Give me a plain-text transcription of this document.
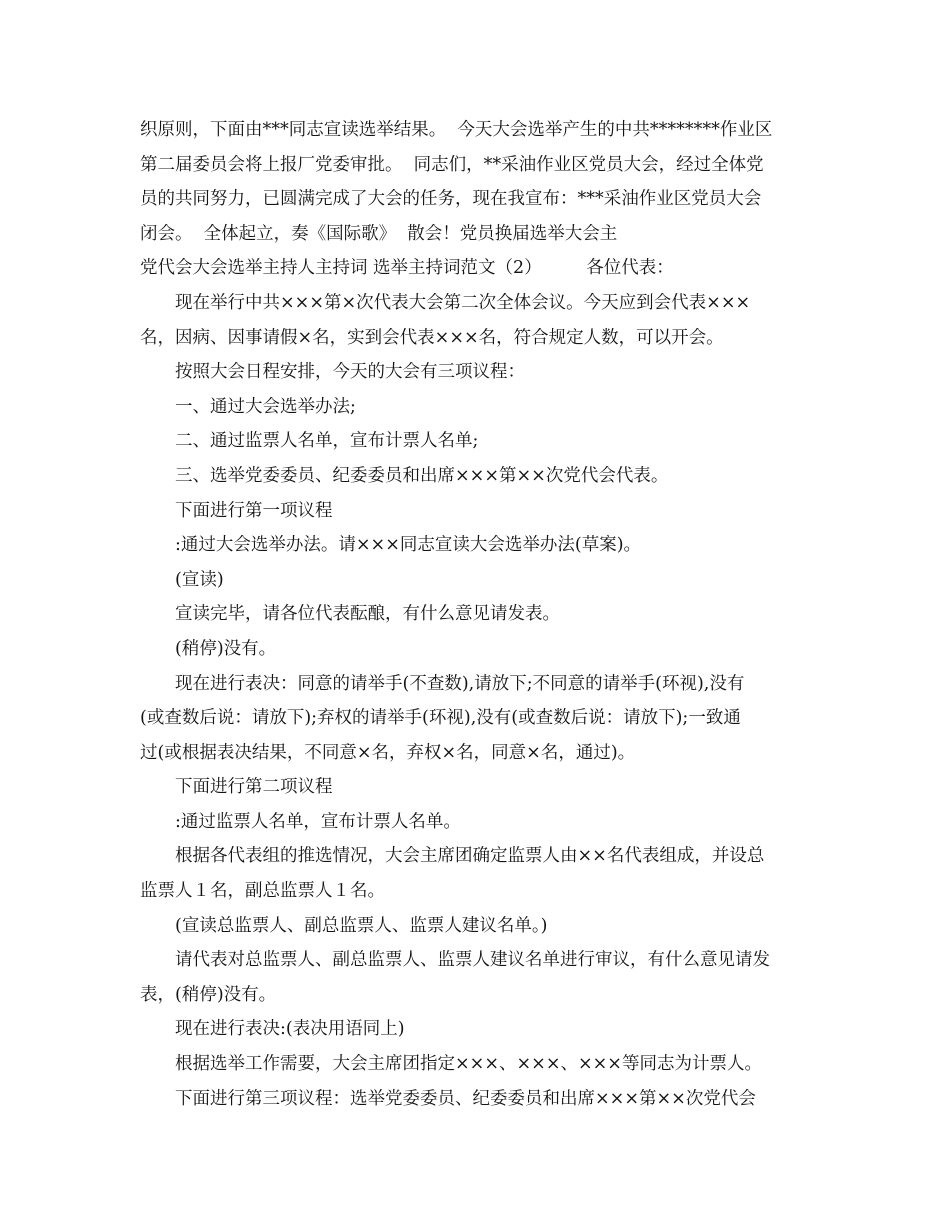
织原则，下面由***同志宣读选举结果。  今天大会选举产生的中共********作业区
第二届委员会将上报厂党委审批。  同志们，**采油作业区党员大会，经过全体党
员的共同努力，已圆满完成了大会的任务，现在我宣布：***采油作业区党员大会
闭会。  全体起立，奏《国际歌》  散会！党员换届选举大会主
党代会大会选举主持人主持词 选举主持词范文（2）        各位代表：
现在举行中共×××第×次代表大会第二次全体会议。今天应到会代表×××
名，因病、因事请假×名，实到会代表×××名，符合规定人数，可以开会。
按照大会日程安排，今天的大会有三项议程：
一、通过大会选举办法;
二、通过监票人名单，宣布计票人名单;
三、选举党委委员、纪委委员和出席×××第××次党代会代表。
下面进行第一项议程
:通过大会选举办法。请×××同志宣读大会选举办法(草案)。
(宣读)
宣读完毕，请各位代表酝酿，有什么意见请发表。
(稍停)没有。
现在进行表决：同意的请举手(不查数),请放下;不同意的请举手(环视),没有
(或查数后说：请放下);弃权的请举手(环视),没有(或查数后说：请放下);一致通
过(或根据表决结果，不同意×名，弃权×名，同意×名，通过)。
下面进行第二项议程
:通过监票人名单，宣布计票人名单。
根据各代表组的推选情况，大会主席团确定监票人由××名代表组成，并设总
监票人１名，副总监票人１名。
(宣读总监票人、副总监票人、监票人建议名单。)
请代表对总监票人、副总监票人、监票人建议名单进行审议，有什么意见请发
表，(稍停)没有。
现在进行表决:(表决用语同上)
根据选举工作需要，大会主席团指定×××、×××、×××等同志为计票人。
下面进行第三项议程：选举党委委员、纪委委员和出席×××第××次党代会
